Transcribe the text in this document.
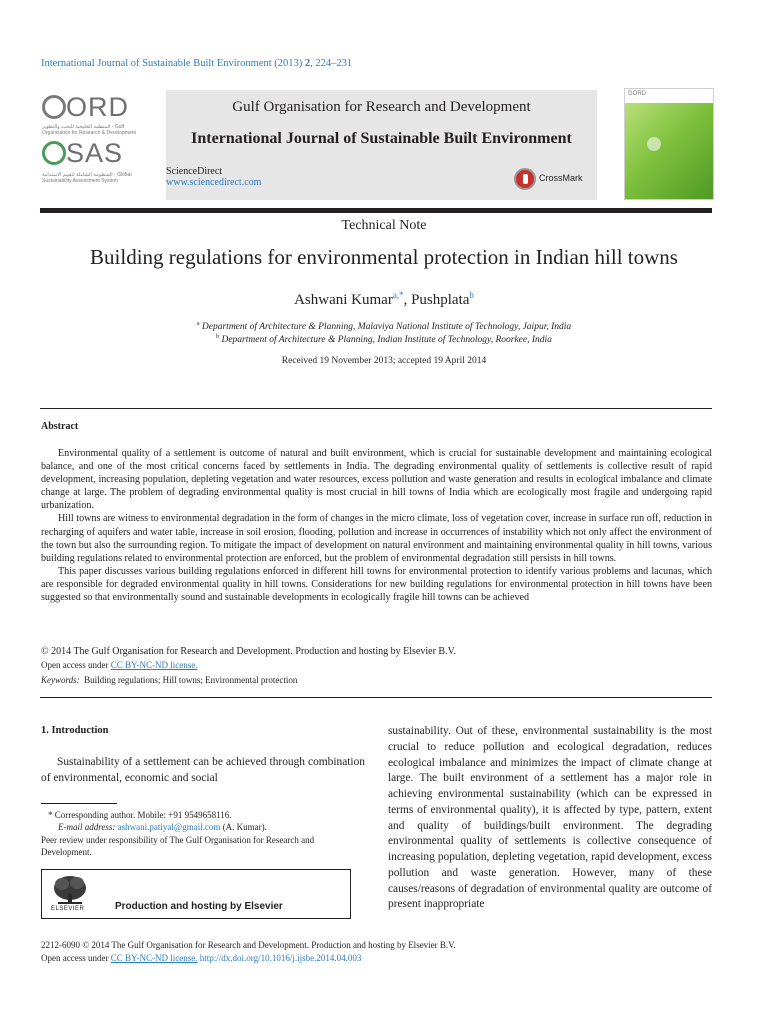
International Journal of Sustainable Built Environment (2013) 2, 224–231
ORD
المنظمة الخليجية للبحث والتطوير · Gulf Organisation for Research & Development
SAS
المنظومة الشاملة لتقييم الاستدامة · Global Sustainability Assessment System
Gulf Organisation for Research and Development
International Journal of Sustainable Built Environment
ScienceDirect
www.sciencedirect.com	CrossMark
GORD
Technical Note
Building regulations for environmental protection in Indian hill towns
Ashwani Kumar$^{a,*}$, Pushplata$^b$
$^a$ Department of Architecture & Planning, Malaviya National Institute of Technology, Jaipur, India
$^b$ Department of Architecture & Planning, Indian Institute of Technology, Roorkee, India
Received 19 November 2013; accepted 19 April 2014
Abstract

Environmental quality of a settlement is outcome of natural and built environment, which is crucial for sustainable development and maintaining ecological balance, and one of the most critical concerns faced by settlements in India. The degrading environmental quality of settlements is collective result of rapid development, increasing population, depleting vegetation and water resources, excess pollution and waste generation and results in ecological imbalance and climate change at large. The problem of degrading environmental quality is most crucial in hill towns of India which are ecologically most fragile and undergoing rapid urbanization.

Hill towns are witness to environmental degradation in the form of changes in the micro climate, loss of vegetation cover, increase in surface run off, reduction in recharging of aquifers and water table, increase in soil erosion, flooding, pollution and increase in occurrences of instability which not only affect the environment of the town but also the surrounding region. To mitigate the impact of development on natural environment and maintaining environmental quality in hill towns, various building regulations related to environmental protection are enforced, but the problem of environmental degradation still persists in hill towns.

This paper discusses various building regulations enforced in different hill towns for environmental protection to identify various problems and lacunas, which are responsible for degraded environmental quality in hill towns. Considerations for new building regulations for environmental protection in hill towns have been suggested so that environmentally sound and sustainable developments in ecologically fragile hill towns can be achieved

© 2014 The Gulf Organisation for Research and Development. Production and hosting by Elsevier B.V.
Open access under CC BY-NC-ND license.
Keywords: Building regulations; Hill towns; Environmental protection
1. Introduction

Sustainability of a settlement can be achieved through combination of environmental, economic and social

* Corresponding author. Mobile: +91 9549658116.
E-mail address: ashwani.patiyal@gmail.com (A. Kumar).
Peer review under responsibility of The Gulf Organisation for Research and Development.
ELSEVIER	Production and hosting by Elsevier

sustainability. Out of these, environmental sustainability is the most crucial to reduce pollution and ecological degradation, reduces ecological imbalance and minimizes the impact of climate change at large. The built environment of a settlement has a major role in achieving environmental sustainability (which can be expressed in terms of environmental quality), it is affected by type, pattern, extent and quality of buildings/built environment. The degrading environmental quality of settlements is collective consequence of increasing population, depleting vegetation, rapid development, excess pollution and waste generation. However, many of these causes/reasons of degradation of environmental quality are outcome of present inappropriate

2212-6090 © 2014 The Gulf Organisation for Research and Development. Production and hosting by Elsevier B.V.
Open access under CC BY-NC-ND license. http://dx.doi.org/10.1016/j.ijsbe.2014.04.003
